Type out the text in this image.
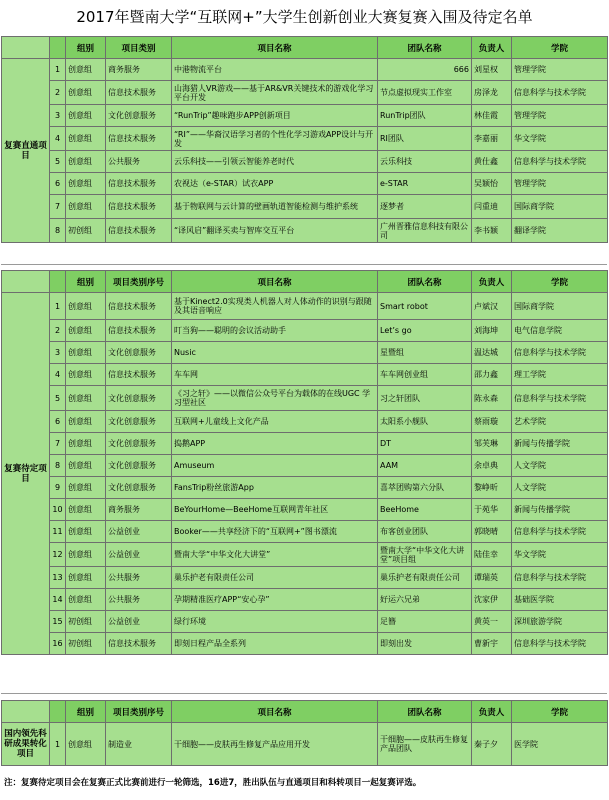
2017年暨南大学“互联网+”大学生创新创业大赛复赛入围及待定名单
		组别	项目类别	项目名称	团队名称	负责人	学院
复赛直通项目	1	创意组	商务服务	中港物流平台	666	刘星权	管理学院
	2	创意组	信息技术服务	山海猎人VR游戏——基于AR&VR关键技术的游戏化学习平台开发	节点虚拟现实工作室	房泽龙	信息科学与技术学院
	3	创意组	文化创意服务	“RunTrip”趣味跑步APP创新项目	RunTrip团队	林佳霞	管理学院
	4	创意组	信息技术服务	“RI”——华裔汉语学习者的个性化学习游戏APP设计与开发	RI团队	李嘉丽	华文学院
	5	创意组	公共服务	云乐科技——引领云智能养老时代	云乐科技	黄仕鑫	信息科学与技术学院
	6	创意组	信息技术服务	农视达（e-STAR）试衣APP	e-STAR	吴颖怡	管理学院
	7	创意组	信息技术服务	基于物联网与云计算的壁画轨道智能检测与维护系统	逐梦者	闫重迪	国际商学院
	8	初创组	信息技术服务	“译风启”翻译买卖与智库交互平台	广州晋雅信息科技有限公司	李书颖	翻译学院
		组别	项目类别序号	项目名称	团队名称	负责人	学院
复赛待定项目	1	创意组	信息技术服务	基于Kinect2.0实现类人机器人对人体动作的识别与跟随及其语音响应	Smart robot	卢斌汉	国际商学院
	2	创意组	信息技术服务	叮当狗——聪明的会议活动助手	Let’s go	刘海坤	电气信息学院
	3	创意组	文化创意服务	Nusic	星暨组	温达城	信息科学与技术学院
	4	创意组	信息技术服务	车车网	车车网创业组	邵力鑫	理工学院
	5	创意组	文化创意服务	《习之轩》——以微信公众号平台为载体的在线UGC 学习型社区	习之轩团队	陈永森	信息科学与技术学院
	6	创意组	文化创意服务	互联网+儿童线上文化产品	太阳系小舰队	蔡雨璇	艺术学院
	7	创意组	文化创意服务	捣鹅APP	DT	邹芙琳	新闻与传播学院
	8	创意组	文化创意服务	Amuseum	AAM	余卓典	人文学院
	9	创意组	文化创意服务	FansTrip粉丝旅游App	喜萃团购第六分队	黎峥昕	人文学院
	10	创意组	商务服务	BeYourHome—BeeHome互联网青年社区	BeeHome	于苑华	新闻与传播学院
	11	创意组	公益创业	Booker——共享经济下的“互联网+”图书漂流	布客创业团队	郭晓晴	信息科学与技术学院
	12	创意组	公益创业	暨南大学“中华文化大讲堂”	暨南大学“中华文化大讲堂”项目组	陆佳幸	华文学院
	13	创意组	公共服务	巢乐护老有限责任公司	巢乐护老有限责任公司	谭瑞英	信息科学与技术学院
	14	创意组	公共服务	孕期精准医疗APP“安心孕”	好运六兄弟	沈家伊	基础医学院
	15	初创组	公益创业	绿行环境	足簪	黄英一	深圳旅游学院
	16	初创组	信息技术服务	即刻日程产品全系列	即刻出发	曹新宇	信息科学与技术学院
		组别	项目类别序号	项目名称	团队名称	负责人	学院
国内领先科研成果转化项目	1	创意组	制造业	干细胞——皮肤再生修复产品应用开发	干细胞——皮肤再生修复产品团队	秦子夕	医学院
注：复赛待定项目会在复赛正式比赛前进行一轮筛选，16进7，胜出队伍与直通项目和科转项目一起复赛评选。
